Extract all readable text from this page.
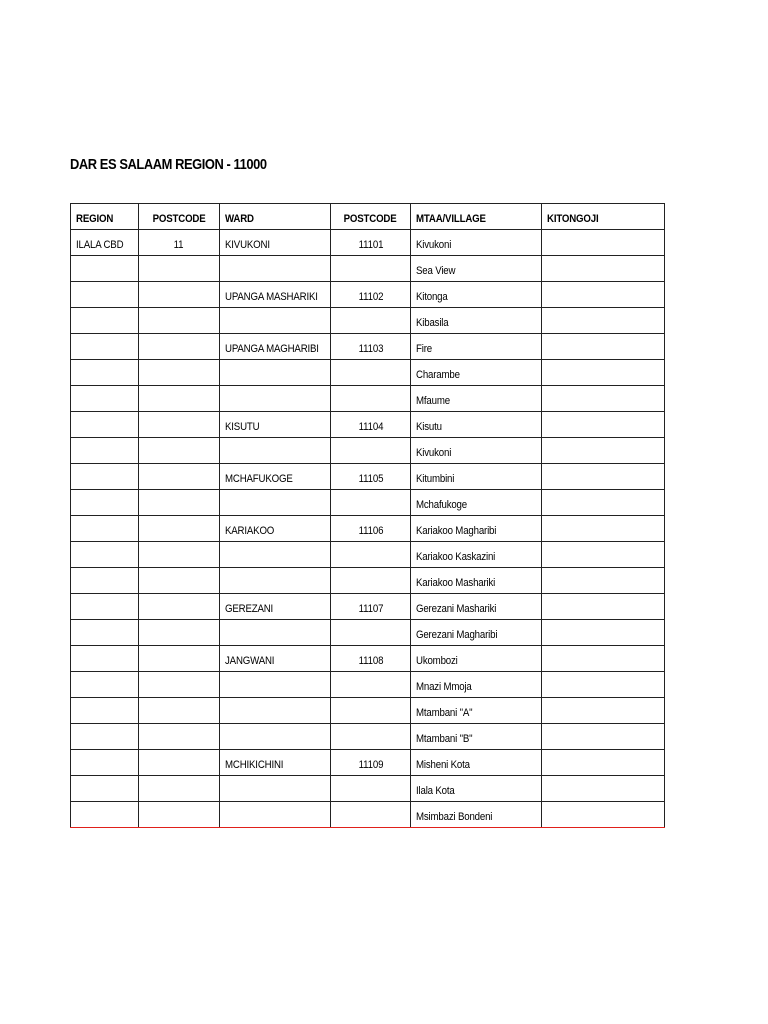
DAR ES SALAAM REGION - 11000
REGION	POSTCODE	WARD	POSTCODE	MTAA/VILLAGE	KITONGOJI
ILALA CBD	11	KIVUKONI	11101	Kivukoni	
				Sea View	
		UPANGA MASHARIKI	11102	Kitonga	
				Kibasila	
		UPANGA MAGHARIBI	11103	Fire	
				Charambe	
				Mfaume	
		KISUTU	11104	Kisutu	
				Kivukoni	
		MCHAFUKOGE	11105	Kitumbini	
				Mchafukoge	
		KARIAKOO	11106	Kariakoo Magharibi	
				Kariakoo Kaskazini	
				Kariakoo Mashariki	
		GEREZANI	11107	Gerezani Mashariki	
				Gerezani Magharibi	
		JANGWANI	11108	Ukombozi	
				Mnazi Mmoja	
				Mtambani "A"	
				Mtambani "B"	
		MCHIKICHINI	11109	Misheni Kota	
				Ilala Kota	
				Msimbazi Bondeni	
